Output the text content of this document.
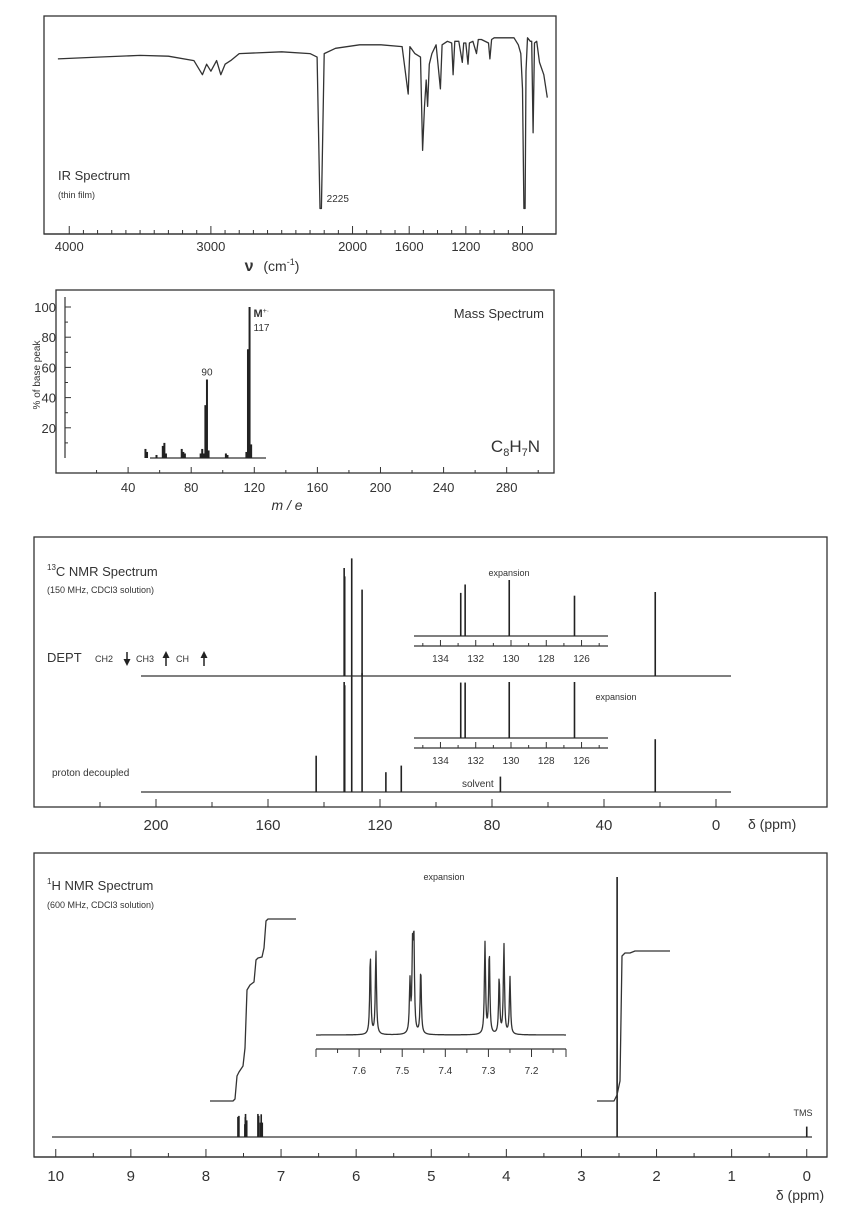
4000	3000	2000 1600 1200 800
IR Spectrum
(thin film)	2225
ν $(cm^{-1})$
20
40
60
80
100
40	80	120	160	200	240	280
90
M+·
117
% of base peak
Mass Spectrum
$C_8H_7N$
m / e
$^{13}$C NMR Spectrum
(150 MHz, CDCl3 solution)
DEPT CH2	CH3 CH
proton decoupled
solvent
expansion
134 132 130 128 126
expansion
134 132 130 128 126
200	160	120	80	40	0 δ (ppm)
$^1$H NMR Spectrum
(600 MHz, CDCl3 solution)
TMS
expansion
7.6	7.5	7.4	7.3	7.2
10	9	8	7	6	5	4	3	2	1	0
δ (ppm)
